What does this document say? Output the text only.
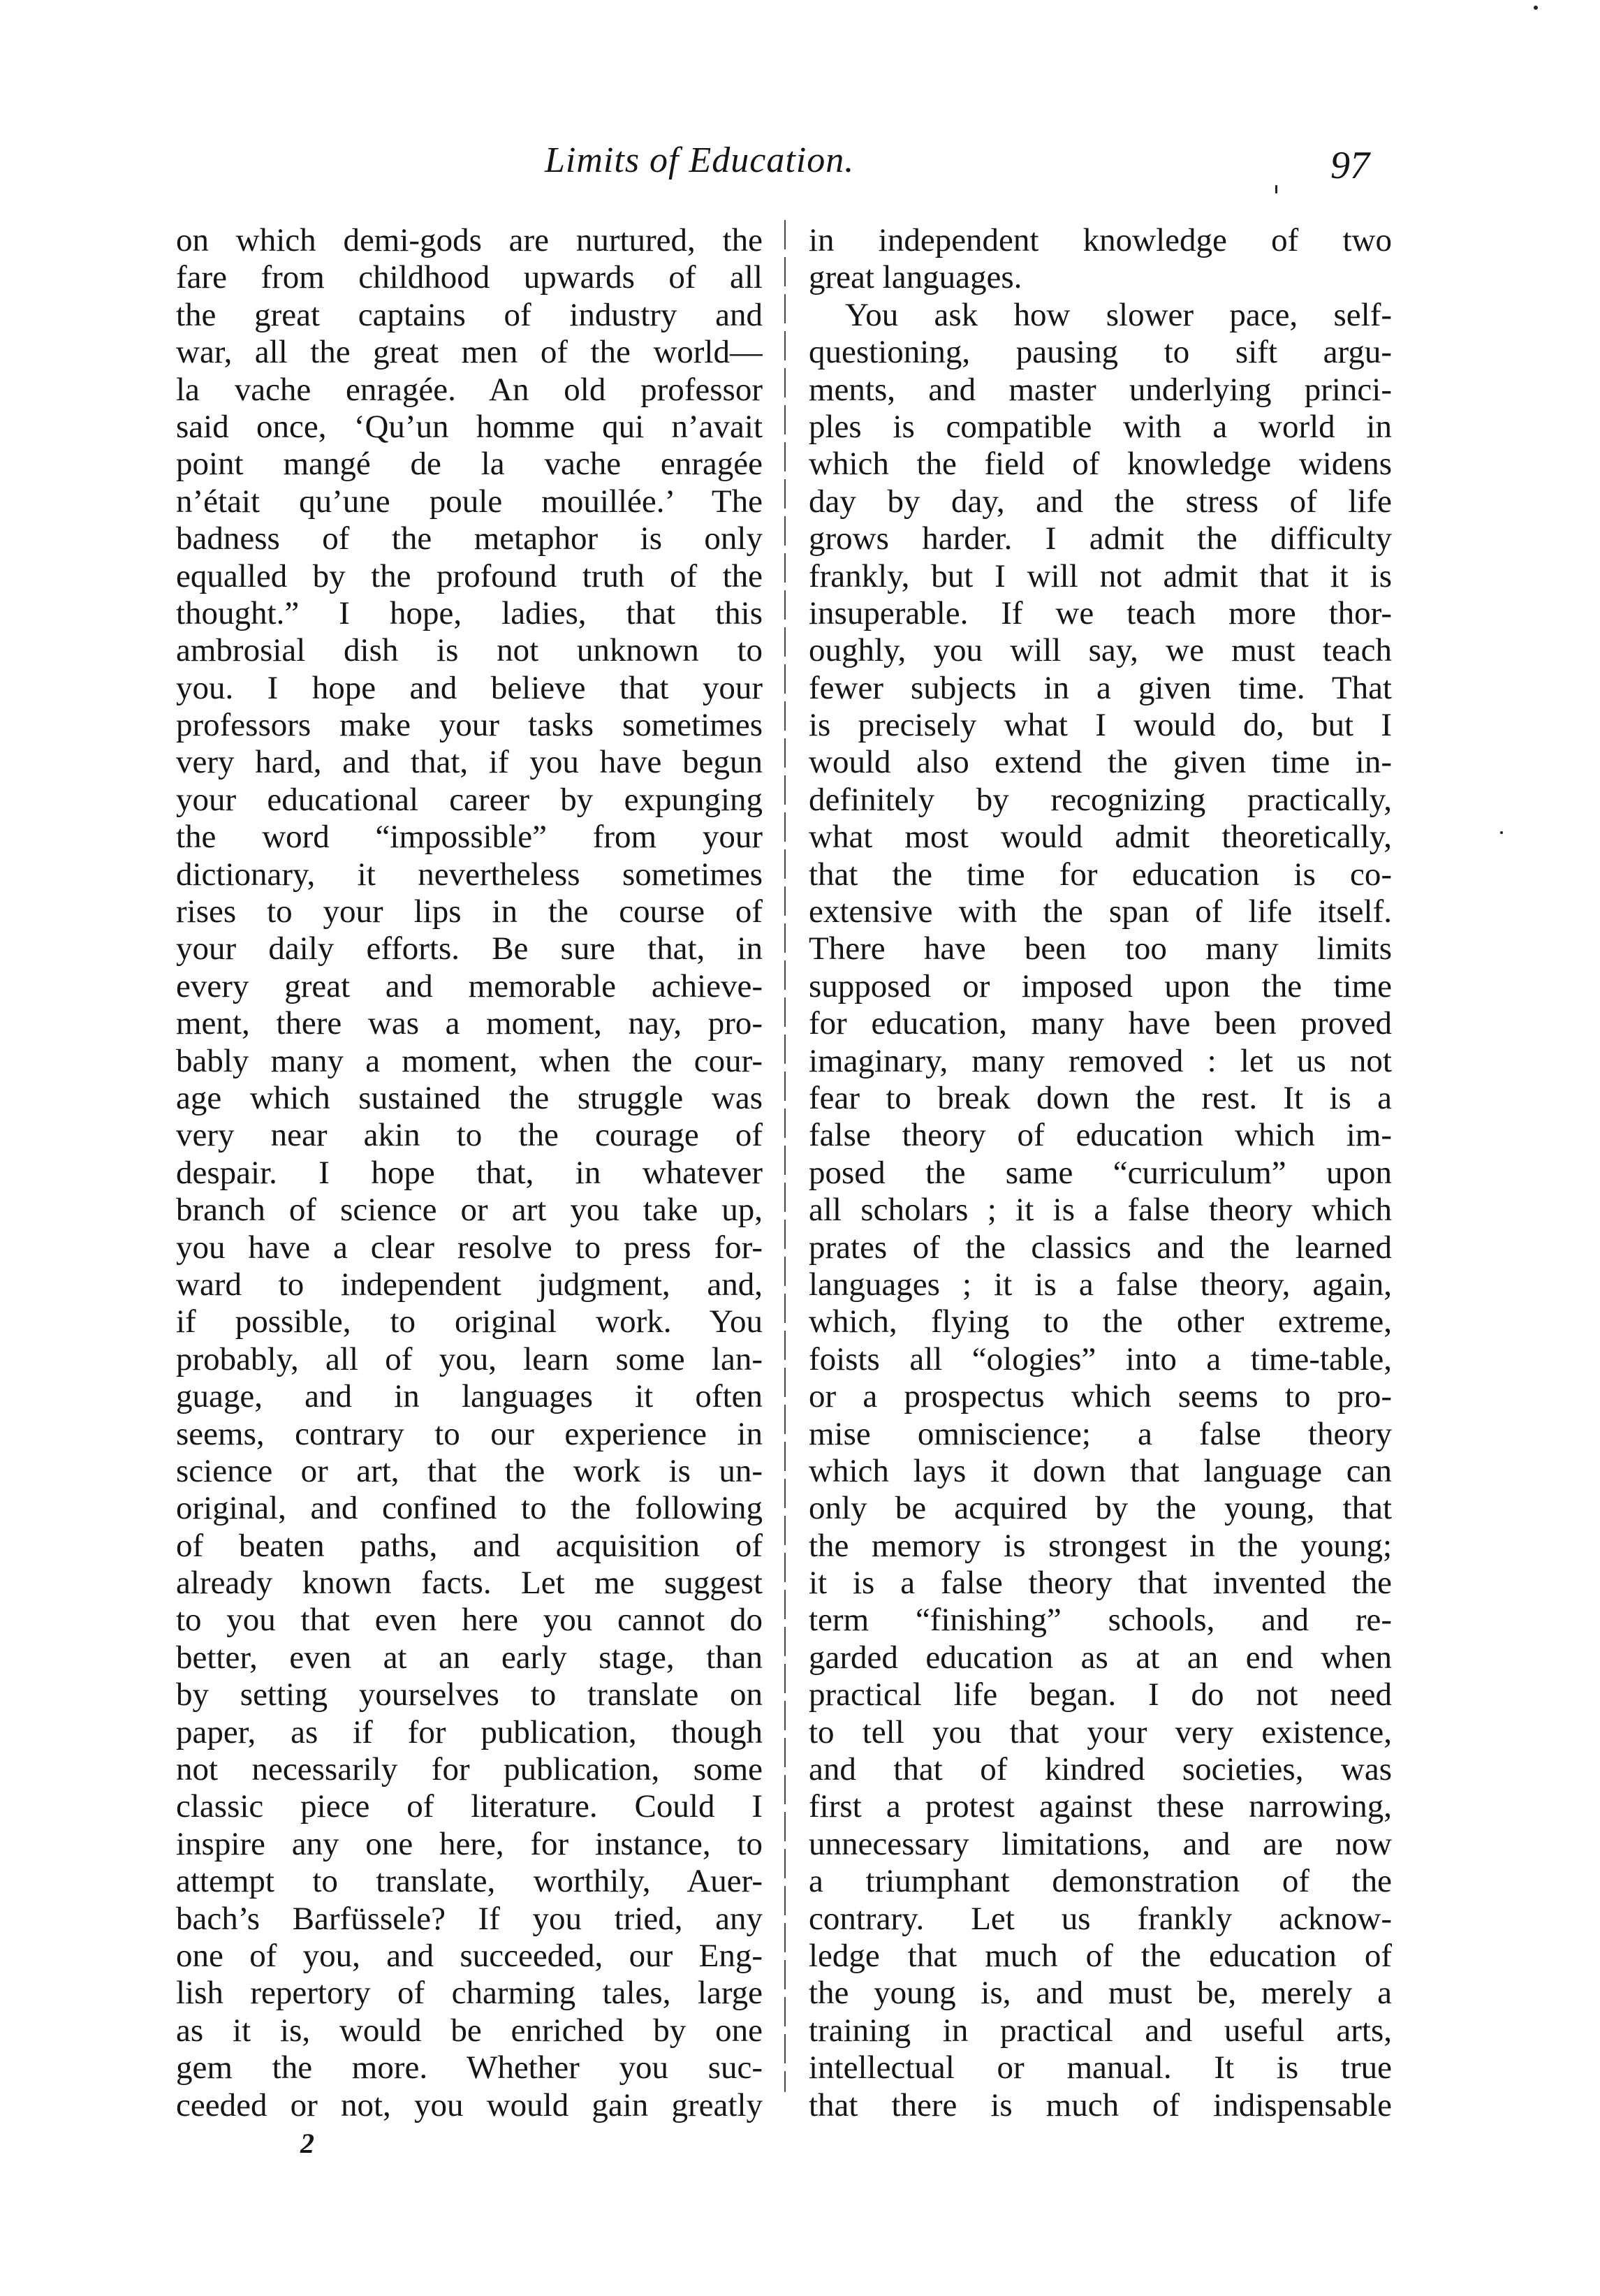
Limits of Education.	97
on which demi-gods are nurtured, the
fare from childhood upwards of all
the great captains of industry and
war, all the great men of the world—
la vache enragée. An old professor
said once, ‘Qu’un homme qui n’avait
point mangé de la vache enragée
n’était qu’une poule mouillée.’ The
badness of the metaphor is only
equalled by the profound truth of the
thought.” I hope, ladies, that this
ambrosial dish is not unknown to
you. I hope and believe that your
professors make your tasks sometimes
very hard, and that, if you have begun
your educational career by expunging
the word “impossible” from your
dictionary, it nevertheless sometimes
rises to your lips in the course of
your daily efforts. Be sure that, in
every great and memorable achieve-
ment, there was a moment, nay, pro-
bably many a moment, when the cour-
age which sustained the struggle was
very near akin to the courage of
despair. I hope that, in whatever
branch of science or art you take up,
you have a clear resolve to press for-
ward to independent judgment, and,
if possible, to original work. You
probably, all of you, learn some lan-
guage, and in languages it often
seems, contrary to our experience in
science or art, that the work is un-
original, and confined to the following
of beaten paths, and acquisition of
already known facts. Let me suggest
to you that even here you cannot do
better, even at an early stage, than
by setting yourselves to translate on
paper, as if for publication, though
not necessarily for publication, some
classic piece of literature. Could I
inspire any one here, for instance, to
attempt to translate, worthily, Auer-
bach’s Barfüssele? If you tried, any
one of you, and succeeded, our Eng-
lish repertory of charming tales, large
as it is, would be enriched by one
gem the more. Whether you suc-
ceeded or not, you would gain greatly
in independent knowledge of two
great languages.
You ask how slower pace, self-
questioning, pausing to sift argu-
ments, and master underlying princi-
ples is compatible with a world in
which the field of knowledge widens
day by day, and the stress of life
grows harder. I admit the difficulty
frankly, but I will not admit that it is
insuperable. If we teach more thor-
oughly, you will say, we must teach
fewer subjects in a given time. That
is precisely what I would do, but I
would also extend the given time in-
definitely by recognizing practically,
what most would admit theoretically,
that the time for education is co-
extensive with the span of life itself.
There have been too many limits
supposed or imposed upon the time
for education, many have been proved
imaginary, many removed : let us not
fear to break down the rest. It is a
false theory of education which im-
posed the same “curriculum” upon
all scholars ; it is a false theory which
prates of the classics and the learned
languages ; it is a false theory, again,
which, flying to the other extreme,
foists all “ologies” into a time-table,
or a prospectus which seems to pro-
mise omniscience; a false theory
which lays it down that language can
only be acquired by the young, that
the memory is strongest in the young;
it is a false theory that invented the
term “finishing” schools, and re-
garded education as at an end when
practical life began. I do not need
to tell you that your very existence,
and that of kindred societies, was
first a protest against these narrowing,
unnecessary limitations, and are now
a triumphant demonstration of the
contrary. Let us frankly acknow-
ledge that much of the education of
the young is, and must be, merely a
training in practical and useful arts,
intellectual or manual. It is true
that there is much of indispensable
2
